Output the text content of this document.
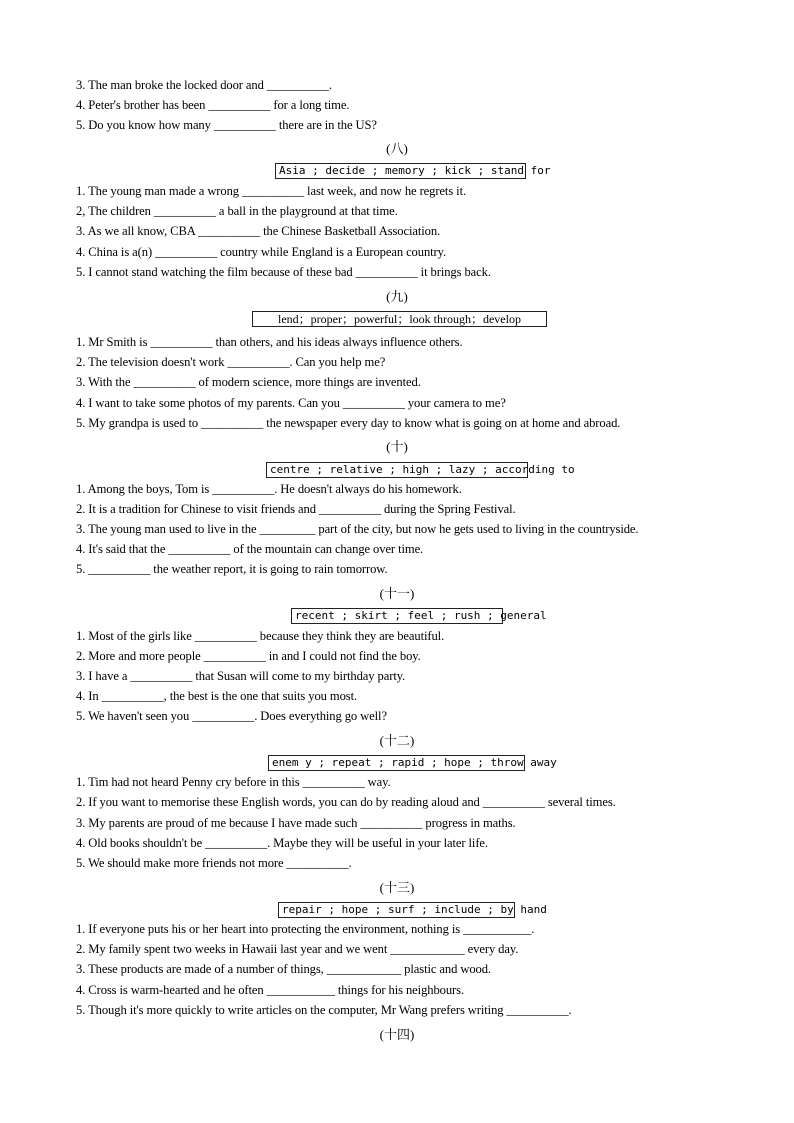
3. The man broke the locked door and __________.
4. Peter's brother has been __________ for a long time.
5. Do you know how many __________ there are in the US?
(八)
Asia ; decide ; memory ; kick ; stand for
1. The young man made a wrong __________ last week, and now he regrets it.
2, The children __________ a ball in the playground at that time.
3. As we all know, CBA __________ the Chinese Basketball Association.
4. China is a(n) __________ country while England is a European country.
5. I cannot stand watching the film because of these bad __________ it brings back.
(九)
lend；proper；powerful；look through；develop
1. Mr Smith is __________ than others, and his ideas always influence others.
2. The television doesn't work __________. Can you help me?
3. With the __________ of modern science, more things are invented.
4. I want to take some photos of my parents. Can you __________ your camera to me?
5. My grandpa is used to __________ the newspaper every day to know what is going on at home and abroad.
(十)
centre ; relative ; high ; lazy ; according to
1. Among the boys, Tom is __________. He doesn't always do his homework.
2. It is a tradition for Chinese to visit friends and __________ during the Spring Festival.
3. The young man used to live in the _________ part of the city, but now he gets used to living in the countryside.
4. It's said that the __________ of the mountain can change over time.
5. __________ the weather report, it is going to rain tomorrow.
(十一)
recent ; skirt ; feel ; rush ; general
1. Most of the girls like __________ because they think they are beautiful.
2. More and more people __________ in and I could not find the boy.
3. I have a __________ that Susan will come to my birthday party.
4. In __________, the best is the one that suits you most.
5. We haven't seen you __________. Does everything go well?
(十二)
enem y ; repeat ; rapid ; hope ; throw away
1. Tim had not heard Penny cry before in this __________ way.
2. If you want to memorise these English words, you can do by reading aloud and __________ several times.
3. My parents are proud of me because I have made such __________ progress in maths.
4. Old books shouldn't be __________. Maybe they will be useful in your later life.
5. We should make more friends not more __________.
(十三)
repair ; hope ; surf ; include ; by hand
1. If everyone puts his or her heart into protecting the environment, nothing is ___________.
2. My family spent two weeks in Hawaii last year and we went ____________ every day.
3. These products are made of a number of things, ____________ plastic and wood.
4. Cross is warm-hearted and he often ___________ things for his neighbours.
5. Though it's more quickly to write articles on the computer, Mr Wang prefers writing __________.
(十四)
